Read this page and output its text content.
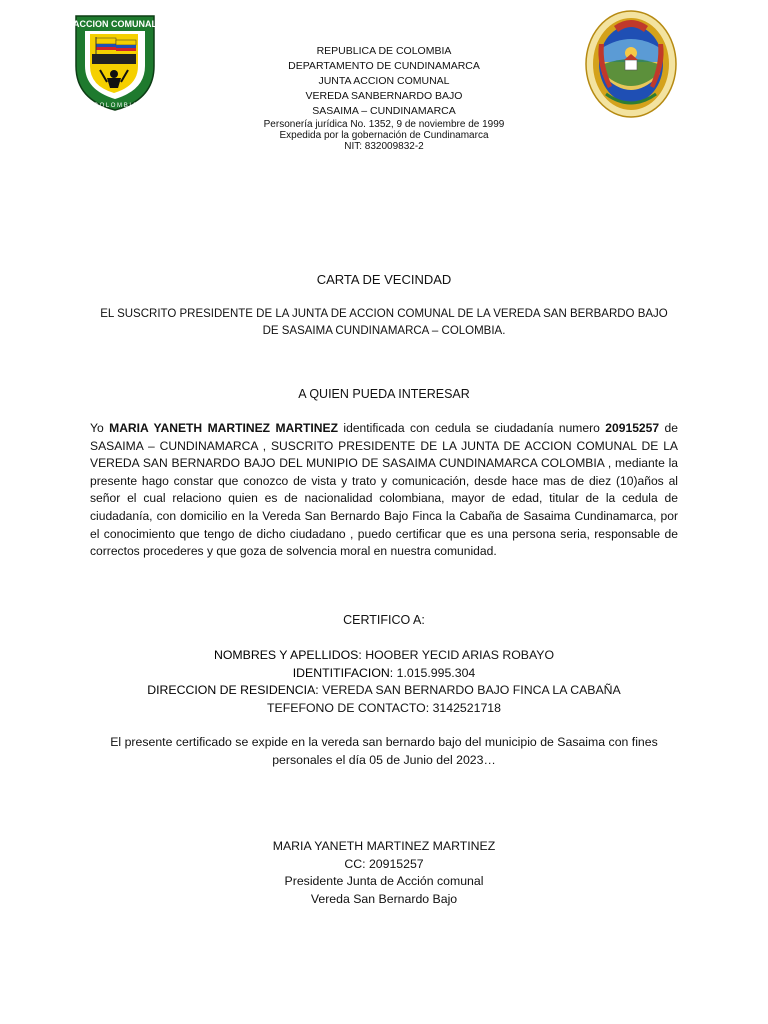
ACCION COMUNAL
C O L O M B I A
REPUBLICA DE COLOMBIA
DEPARTAMENTO DE CUNDINAMARCA
JUNTA ACCION COMUNAL
VEREDA SANBERNARDO BAJO
SASAIMA – CUNDINAMARCA
Personería jurídica No. 1352, 9 de noviembre de 1999
Expedida por la gobernación de Cundinamarca
NIT: 832009832-2
CARTA DE VECINDAD
EL SUSCRITO PRESIDENTE DE LA JUNTA DE ACCION COMUNAL DE LA VEREDA SAN BERBARDO BAJO DE SASAIMA CUNDINAMARCA – COLOMBIA.
A QUIEN PUEDA INTERESAR
Yo MARIA YANETH MARTINEZ MARTINEZ identificada con cedula se ciudadanía numero 20915257 de SASAIMA – CUNDINAMARCA , SUSCRITO PRESIDENTE DE LA JUNTA DE ACCION COMUNAL DE LA VEREDA SAN BERNARDO BAJO DEL MUNIPIO DE SASAIMA CUNDINAMARCA COLOMBIA , mediante la presente hago constar que conozco de vista y trato y comunicación, desde hace mas de diez (10)años al señor el cual relaciono quien es de nacionalidad colombiana, mayor de edad, titular de la cedula de ciudadanía, con domicilio en la Vereda San Bernardo Bajo Finca la Cabaña de Sasaima Cundinamarca, por el conocimiento que tengo de dicho ciudadano , puedo certificar que es una persona seria, responsable de correctos procederes y que goza de solvencia moral en nuestra comunidad.
CERTIFICO A:
NOMBRES Y APELLIDOS: HOOBER YECID ARIAS ROBAYO
IDENTITIFACION: 1.015.995.304
DIRECCION DE RESIDENCIA: VEREDA SAN BERNARDO BAJO FINCA LA CABAÑA
TEFEFONO DE CONTACTO: 3142521718
El presente certificado se expide en la vereda san bernardo bajo del municipio de Sasaima con fines personales el día 05 de Junio del 2023…
MARIA YANETH MARTINEZ MARTINEZ
CC: 20915257
Presidente Junta de Acción comunal
Vereda San Bernardo Bajo
